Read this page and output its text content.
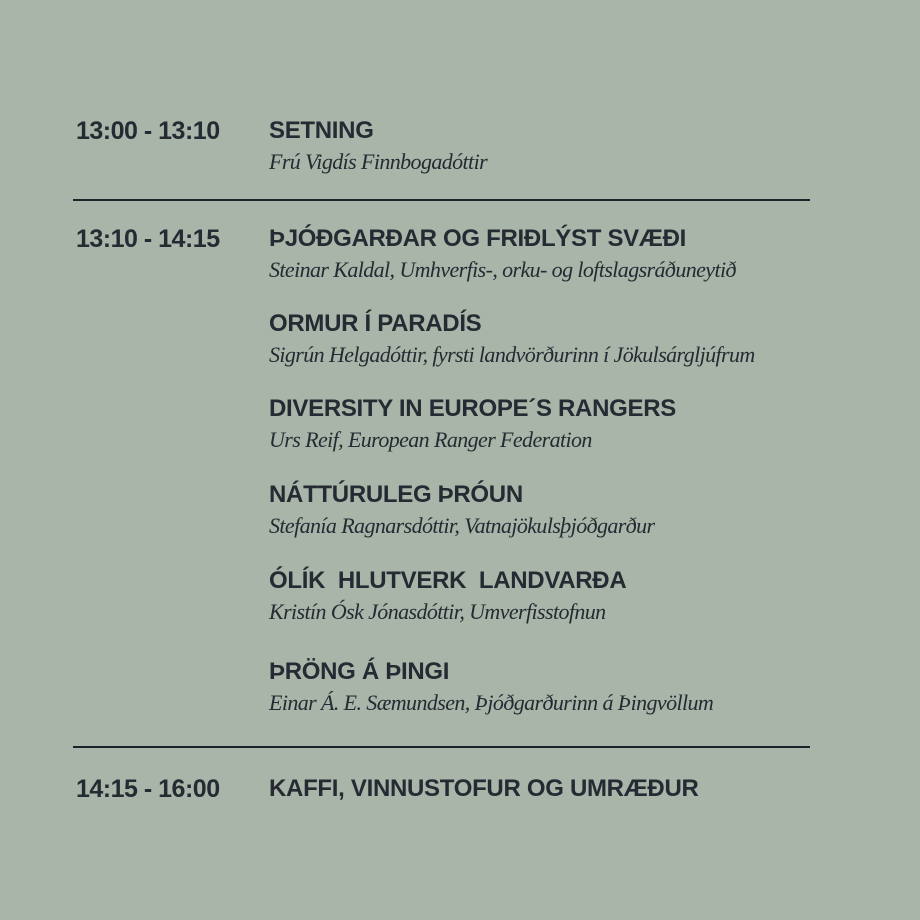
13:00 - 13:10 SETNING
Frú Vigdís Finnbogadóttir
13:10 - 14:15 ÞJÓÐGARÐAR OG FRIÐLÝST SVÆÐI
Steinar Kaldal, Umhverfis-, orku- og loftslagsráðuneytið
ORMUR Í PARADÍS
Sigrún Helgadóttir, fyrsti landvörðurinn í Jökulsárgljúfrum
DIVERSITY IN EUROPE´S RANGERS
Urs Reif, European Ranger Federation
NÁTTÚRULEG ÞRÓUN
Stefanía Ragnarsdóttir, Vatnajökulsþjóðgarður
ÓLÍK  HLUTVERK  LANDVARÐA
Kristín Ósk Jónasdóttir, Umverfisstofnun
ÞRÖNG Á ÞINGI
Einar Á. E. Sæmundsen, Þjóðgarðurinn á Þingvöllum
14:15 - 16:00 KAFFI, VINNUSTOFUR OG UMRÆÐUR
